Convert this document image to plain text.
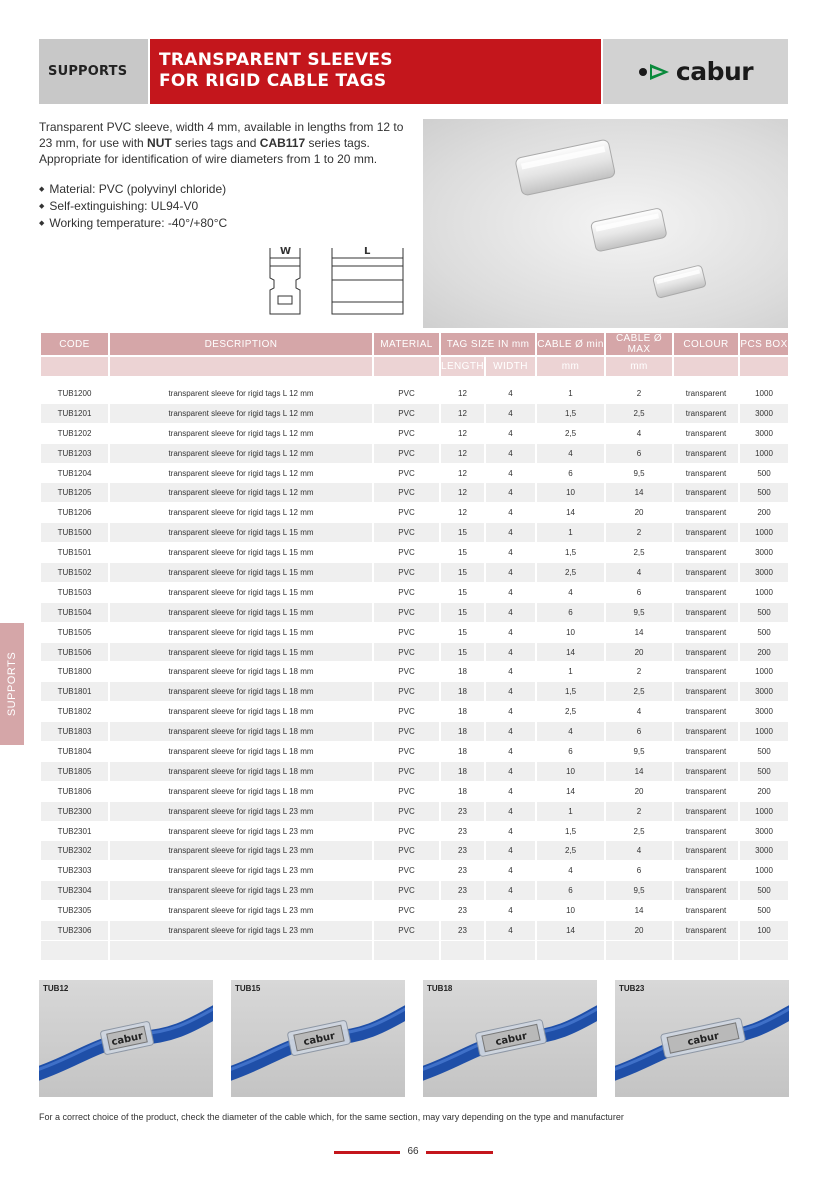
SUPPORTS
TRANSPARENT SLEEVES
FOR RIGID CABLE TAGS	cabur

Transparent PVC sleeve, width 4 mm, available in lengths from 12 to 23 mm, for use with NUT series tags and CAB117 series tags. Appropriate for identification of wire diameters from 1 to 20 mm.

◆ Material: PVC (polyvinyl chloride)
◆ Self-extinguishing: UL94-V0
◆ Working temperature: -40°/+80°C
W	L
CODE	DESCRIPTION	MATERIAL	TAG SIZE IN mm		CABLE Ø min	CABLE Ø MAX	COLOUR	PCS BOX
			LENGTH	WIDTH	mm	mm		

TUB1200	transparent sleeve for rigid tags L 12 mm	PVC	12	4	1	2	transparent	1000
TUB1201	transparent sleeve for rigid tags L 12 mm	PVC	12	4	1,5	2,5	transparent	3000
TUB1202	transparent sleeve for rigid tags L 12 mm	PVC	12	4	2,5	4	transparent	3000
TUB1203	transparent sleeve for rigid tags L 12 mm	PVC	12	4	4	6	transparent	1000
TUB1204	transparent sleeve for rigid tags L 12 mm	PVC	12	4	6	9,5	transparent	500
TUB1205	transparent sleeve for rigid tags L 12 mm	PVC	12	4	10	14	transparent	500
TUB1206	transparent sleeve for rigid tags L 12 mm	PVC	12	4	14	20	transparent	200
TUB1500	transparent sleeve for rigid tags L 15 mm	PVC	15	4	1	2	transparent	1000
TUB1501	transparent sleeve for rigid tags L 15 mm	PVC	15	4	1,5	2,5	transparent	3000
TUB1502	transparent sleeve for rigid tags L 15 mm	PVC	15	4	2,5	4	transparent	3000
TUB1503	transparent sleeve for rigid tags L 15 mm	PVC	15	4	4	6	transparent	1000
TUB1504	transparent sleeve for rigid tags L 15 mm	PVC	15	4	6	9,5	transparent	500
TUB1505	transparent sleeve for rigid tags L 15 mm	PVC	15	4	10	14	transparent	500
TUB1506	transparent sleeve for rigid tags L 15 mm	PVC	15	4	14	20	transparent	200
TUB1800	transparent sleeve for rigid tags L 18 mm	PVC	18	4	1	2	transparent	1000
TUB1801	transparent sleeve for rigid tags L 18 mm	PVC	18	4	1,5	2,5	transparent	3000
TUB1802	transparent sleeve for rigid tags L 18 mm	PVC	18	4	2,5	4	transparent	3000
TUB1803	transparent sleeve for rigid tags L 18 mm	PVC	18	4	4	6	transparent	1000
TUB1804	transparent sleeve for rigid tags L 18 mm	PVC	18	4	6	9,5	transparent	500
TUB1805	transparent sleeve for rigid tags L 18 mm	PVC	18	4	10	14	transparent	500
TUB1806	transparent sleeve for rigid tags L 18 mm	PVC	18	4	14	20	transparent	200
TUB2300	transparent sleeve for rigid tags L 23 mm	PVC	23	4	1	2	transparent	1000
TUB2301	transparent sleeve for rigid tags L 23 mm	PVC	23	4	1,5	2,5	transparent	3000
TUB2302	transparent sleeve for rigid tags L 23 mm	PVC	23	4	2,5	4	transparent	3000
TUB2303	transparent sleeve for rigid tags L 23 mm	PVC	23	4	4	6	transparent	1000
TUB2304	transparent sleeve for rigid tags L 23 mm	PVC	23	4	6	9,5	transparent	500
TUB2305	transparent sleeve for rigid tags L 23 mm	PVC	23	4	10	14	transparent	500
TUB2306	transparent sleeve for rigid tags L 23 mm	PVC	23	4	14	20	transparent	100

TUB12
cabur
TUB15
cabur
TUB18
cabur
TUB23
cabur
For a correct choice of the product, check the diameter of the cable which, for the same section, may vary depending on the type and manufacturer
66
SUPPORTS
